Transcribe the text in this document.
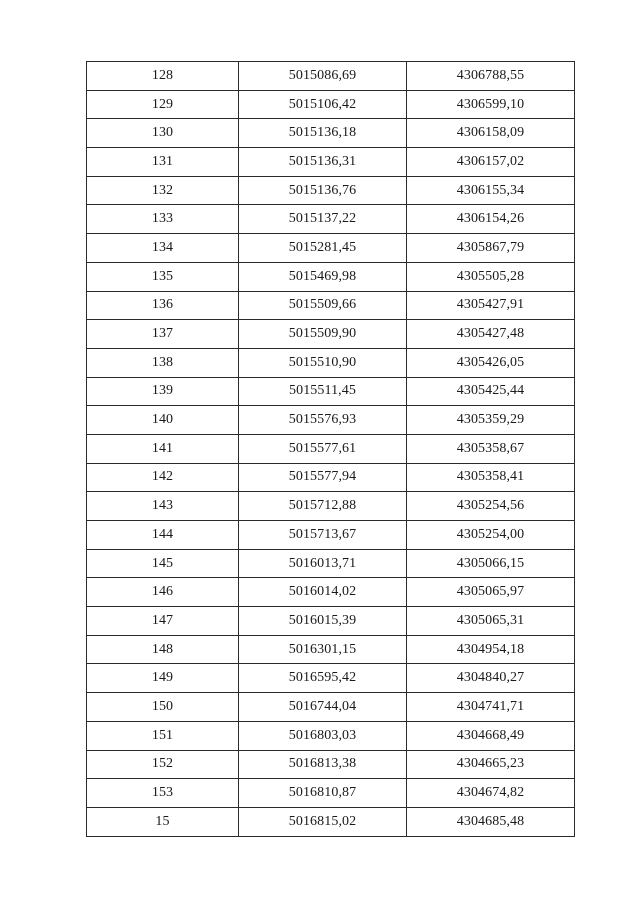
128	5015086,69	4306788,55
129	5015106,42	4306599,10
130	5015136,18	4306158,09
131	5015136,31	4306157,02
132	5015136,76	4306155,34
133	5015137,22	4306154,26
134	5015281,45	4305867,79
135	5015469,98	4305505,28
136	5015509,66	4305427,91
137	5015509,90	4305427,48
138	5015510,90	4305426,05
139	5015511,45	4305425,44
140	5015576,93	4305359,29
141	5015577,61	4305358,67
142	5015577,94	4305358,41
143	5015712,88	4305254,56
144	5015713,67	4305254,00
145	5016013,71	4305066,15
146	5016014,02	4305065,97
147	5016015,39	4305065,31
148	5016301,15	4304954,18
149	5016595,42	4304840,27
150	5016744,04	4304741,71
151	5016803,03	4304668,49
152	5016813,38	4304665,23
153	5016810,87	4304674,82
15	5016815,02	4304685,48
